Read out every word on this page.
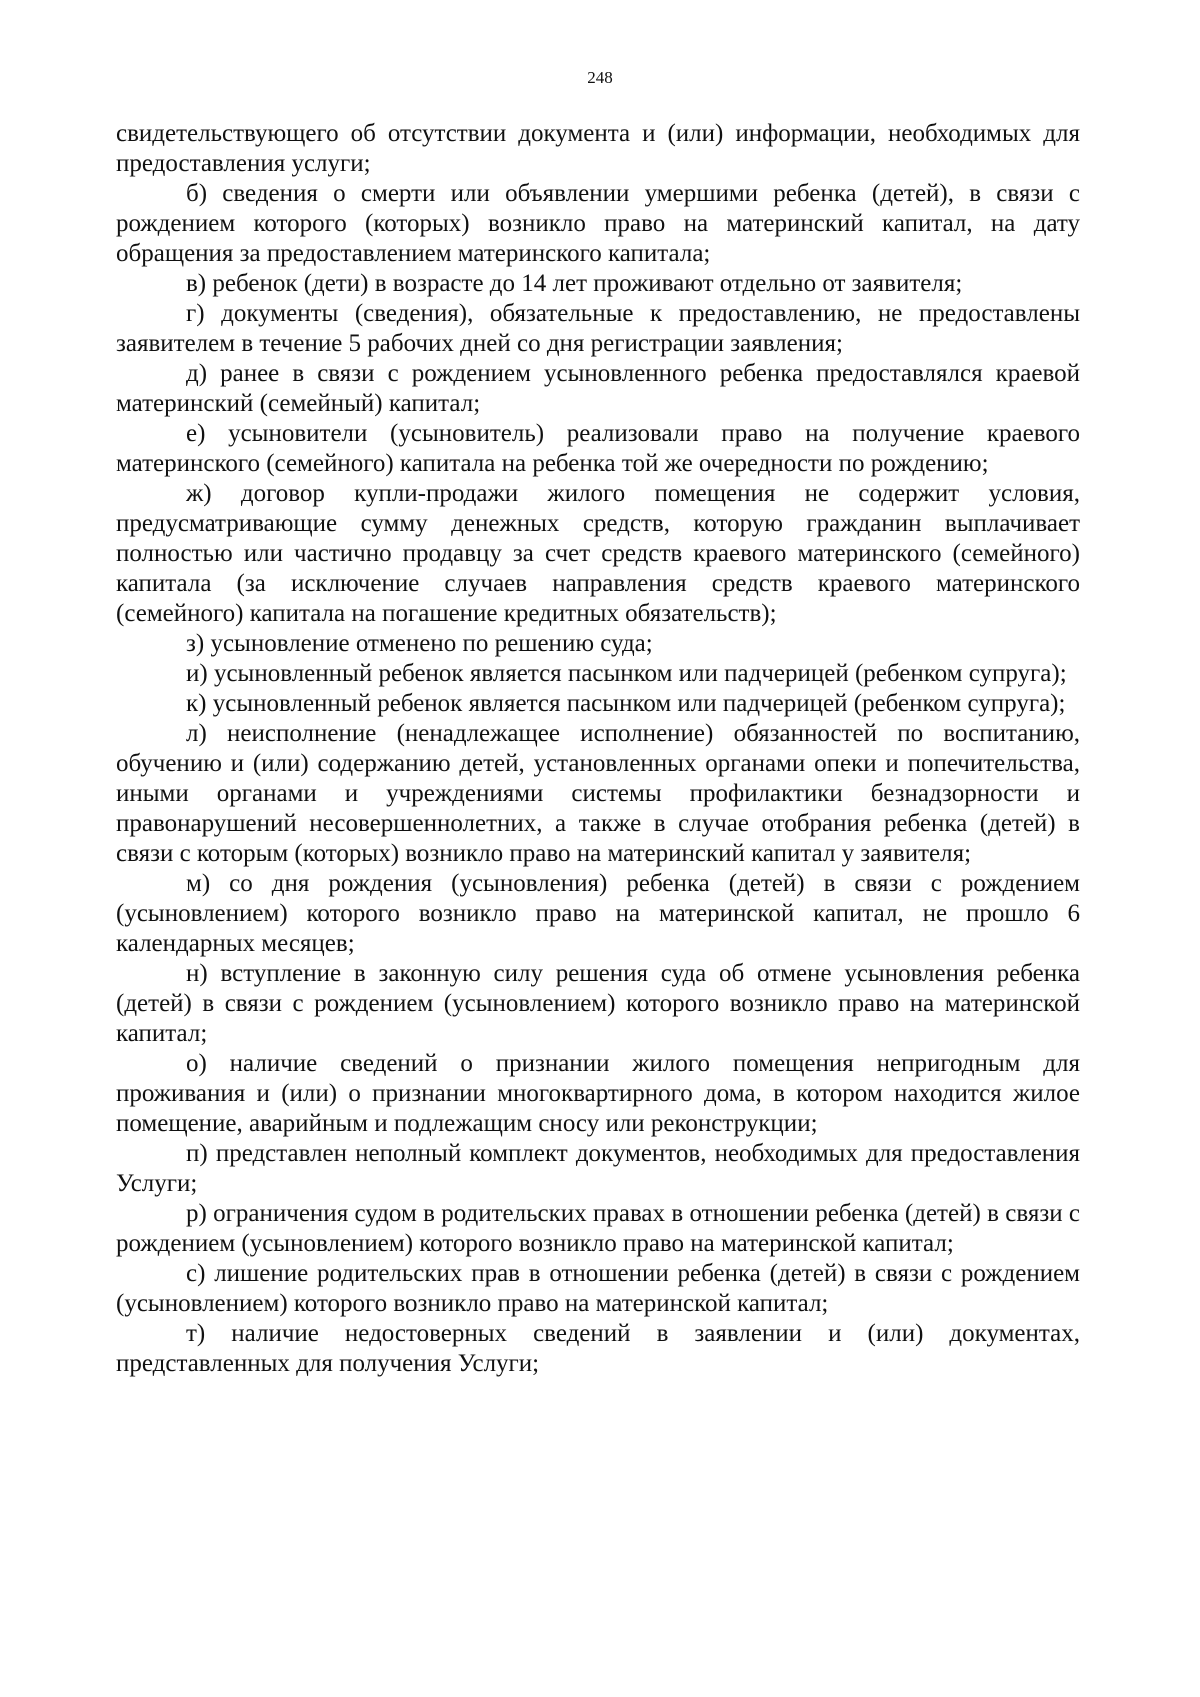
248

свидетельствующего об отсутствии документа и (или) информации, необходимых для предоставления услуги;

б) сведения о смерти или объявлении умершими ребенка (детей), в связи с рождением которого (которых) возникло право на материнский капитал, на дату обращения за предоставлением материнского капитала;

в) ребенок (дети) в возрасте до 14 лет проживают отдельно от заявителя;

г) документы (сведения), обязательные к предоставлению, не предоставлены заявителем в течение 5 рабочих дней со дня регистрации заявления;

д) ранее в связи с рождением усыновленного ребенка предоставлялся краевой материнский (семейный) капитал;

е) усыновители (усыновитель) реализовали право на получение краевого материнского (семейного) капитала на ребенка той же очередности по рождению;

ж) договор купли-продажи жилого помещения не содержит условия, предусматривающие сумму денежных средств, которую гражданин выплачивает полностью или частично продавцу за счет средств краевого материнского (семейного) капитала (за исключение случаев направления средств краевого материнского (семейного) капитала на погашение кредитных обязательств);

з) усыновление отменено по решению суда;

и) усыновленный ребенок является пасынком или падчерицей (ребенком супруга);

к) усыновленный ребенок является пасынком или падчерицей (ребенком супруга);

л) неисполнение (ненадлежащее исполнение) обязанностей по воспитанию, обучению и (или) содержанию детей, установленных органами опеки и попечительства, иными органами и учреждениями системы профилактики безнадзорности и правонарушений несовершеннолетних, а также в случае отобрания ребенка (детей) в связи с которым (которых) возникло право на материнский капитал у заявителя;

м) со дня рождения (усыновления) ребенка (детей) в связи с рождением (усыновлением) которого возникло право на материнской капитал, не прошло 6 календарных месяцев;

н) вступление в законную силу решения суда об отмене усыновления ребенка (детей) в связи с рождением (усыновлением) которого возникло право на материнской капитал;

о) наличие сведений о признании жилого помещения непригодным для проживания и (или) о признании многоквартирного дома, в котором находится жилое помещение, аварийным и подлежащим сносу или реконструкции;

п) представлен неполный комплект документов, необходимых для предоставления Услуги;

р) ограничения судом в родительских правах в отношении ребенка (детей) в связи с рождением (усыновлением) которого возникло право на материнской капитал;

с) лишение родительских прав в отношении ребенка (детей) в связи с рождением (усыновлением) которого возникло право на материнской капитал;

т) наличие недостоверных сведений в заявлении и (или) документах, представленных для получения Услуги;
